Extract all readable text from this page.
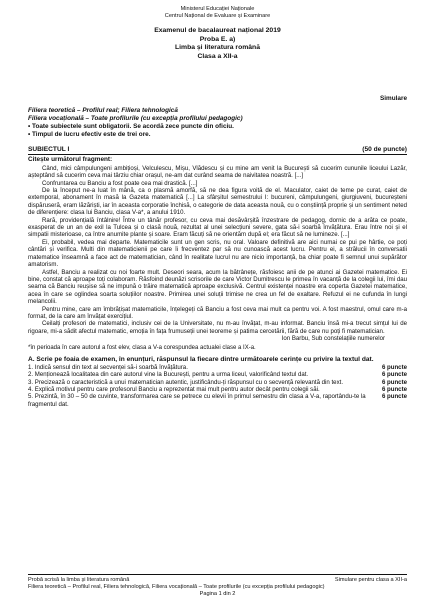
Ministerul Educației Naționale
Centrul Național de Evaluare și Examinare
Examenul de bacalaureat național 2019
Proba E. a)
Limba și literatura română
Clasa a XII-a
Simulare
Filiera teoretică – Profilul real; Filiera tehnologică
Filiera vocațională – Toate profilurile (cu excepția profilului pedagogic)
• Toate subiectele sunt obligatorii. Se acordă zece puncte din oficiu.
• Timpul de lucru efectiv este de trei ore.
SUBIECTUL I	(50 de puncte)
Citește următorul fragment:

Când, mici câmpulungeni ambițioși, Velculescu, Mișu, Vlădescu și cu mine am venit la București să cucerim cununile liceului Lazăr, așteptând să cucerim ceva mai târziu chiar orașul, ne-am dat curând seama de naivitatea noastră. [...]

Confruntarea cu Banciu a fost poate cea mai drastică. [...]

De la început ne-a luat în mână, ca o plasmă amorfă, să ne dea figura voită de el. Maculator, caiet de teme pe curat, caiet de extemporal, abonament în masă la Gazeta matematică [...] La sfârșitul semestrului I: bucureni, câmpulungeni, giurgiuveni, bucureșteni dispăruseră, eram lăzăriști, iar în aceasta corporatie închisă, o categorie de data aceasta nouă, cu o conștiință proprie și un sentiment neted de diferențiere: clasa lui Banciu, clasa V-a*, a anului 1910.

Rară, providențială întâlnire! Între un tânăr profesor, cu ceva mai desăvârșită înzestrare de pedagog, dornic de a arăta ce poate, exasperat de un an de exil la Tulcea și o clasă nouă, rezultat al unei selecțiuni severe, gata să-i soarbă învățătura. Erau între noi și el simpatii misterioase, ca între anumite plante și soare. Eram făcuți să ne orientăm după el; era făcut să ne lumineze. [...]

Ei, probabil, vedea mai departe. Matematicile sunt un gen scris, nu oral. Valoare definitivă are aici numai ce pui pe hârtie, ce poți cântări și verifica. Multi din matematicienii pe care îi frecventez par să nu cunoască acest lucru. Pentru ei, a strălucii în conversatii matematice înseamnă a face act de matematician, când în realitate lucrul nu are nicio importanță, ba chiar poate fi semnul unui supărător amatorism.

Astfel, Banciu a realizat cu noi foarte mult. Deseori seara, acum la bătrânețe, răsfoiesc anii de pe atunci ai Gazetei matematice. Ei bine, constat că aproape toți colaboram. Răsfoind deunăzi scrisorile de care Victor Dumitrescu le primea în vacanță de la colegii lui, îmi dau seama că Banciu reușise să ne impună o trăire matematică aproape exclusivă. Centrul existenței noastre era coperta Gazetei matematice, acea în care se oglindea soarta soluțiilor noastre. Primirea unei soluții trimise ne crea un fel de exaltare. Refuzul ei ne cufunda în lungi melancolii.

Pentru mine, care am îmbrățișat matematicile, înțelegeți că Banciu a fost ceva mai mult ca pentru voi. A fost maestrul, omul care m-a format, de la care am învățat exercițiul.

Ceilalți profesori de matematici, inclusiv cei de la Universitate, nu m-au învățat, m-au informat. Banciu însă mi-a trecut simțul lui de rigoare, mi-a sădit afectul matematic, emoția în fața frumuseții unei teoreme și patima cercetării, fără de care nu poți fi matematician.

Ion Barbu, Sub constelațiile numerelor

*în perioada în care autorul a fost elev, clasa a V-a corespundea actualei clase a IX-a.

A. Scrie pe foaia de examen, în enunțuri, răspunsul la fiecare dintre următoarele cerințe cu privire la textul dat.
6 puncte
1. Indică sensul din text al secvenței să-i soarbă învățătura.
6 puncte
2. Menționează localitatea din care autorul vine la București, pentru a urma liceul, valorificând textul dat.
6 puncte
3. Precizează o caracteristică a unui matematician autentic, justificându-ți răspunsul cu o secvență relevantă din text.
6 puncte
4. Explică motivul pentru care profesorul Banciu a reprezentat mai mult pentru autor decât pentru colegii săi.
6 puncte
5. Prezintă, în 30 – 50 de cuvinte, transformarea care se petrece cu elevii în primul semestru din clasa a V-a, raportându-te la fragmentul dat.
Probă scrisă la limba și literatura română	Simulare pentru clasa a XII-a
Filiera teoretică – Profilul real, Filiera tehnologică, Filiera vocațională – Toate profilurile (cu excepția profilului pedagogic)
Pagina 1 din 2
